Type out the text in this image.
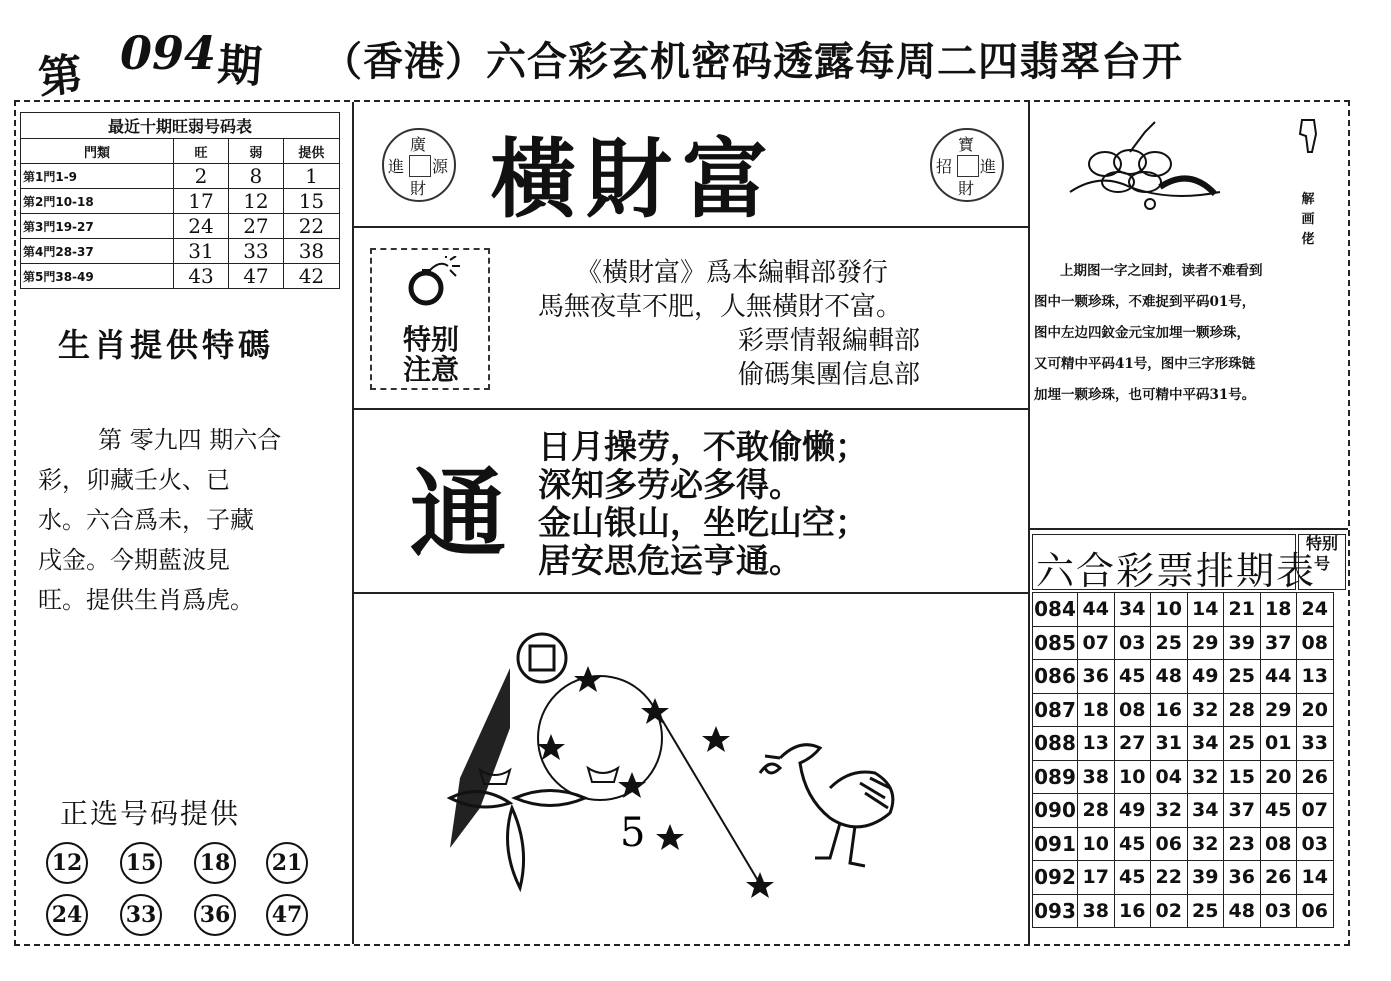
第 094 期 （香港）六合彩玄机密码透露每周二四翡翠台开
最近十期旺弱号码表
門類	旺	弱	提供
第1門1-9	2	8	1
第2門10-18	17	12	15
第3門19-27	24	27	22
第4門28-37	31	33	38
第5門38-49	43	47	42
生肖提供特碼
第 零九四 期六合
彩，卯藏壬火、已
水。六合爲未，子藏
戌金。今期藍波見
旺。提供生肖爲虎。
正选号码提供
12 15 18 21
24 33 36 47
廣
進 源
財 橫財富	寶
招 進
財
特别
注意
《橫財富》爲本編輯部發行
馬無夜草不肥，人無橫財不富。
彩票情報編輯部
偷碼集團信息部
通
日月操劳，不敢偷懒；
深知多劳必多得。
金山银山，坐吃山空；
居安思危运亨通。
5
解画佬
上期图一字之回封，读者不难看到
图中一颗珍珠，不难捉到平码01号，
图中左边四鈫金元宝加埋一颗珍珠，
又可精中平码41号，图中三字形珠链
加埋一颗珍珠，也可精中平码31号。
六合彩票排期表
特别号
084	44	34	10	14	21	18	24
085	07	03	25	29	39	37	08
086	36	45	48	49	25	44	13
087	18	08	16	32	28	29	20
088	13	27	31	34	25	01	33
089	38	10	04	32	15	20	26
090	28	49	32	34	37	45	07
091	10	45	06	32	23	08	03
092	17	45	22	39	36	26	14
093	38	16	02	25	48	03	06
